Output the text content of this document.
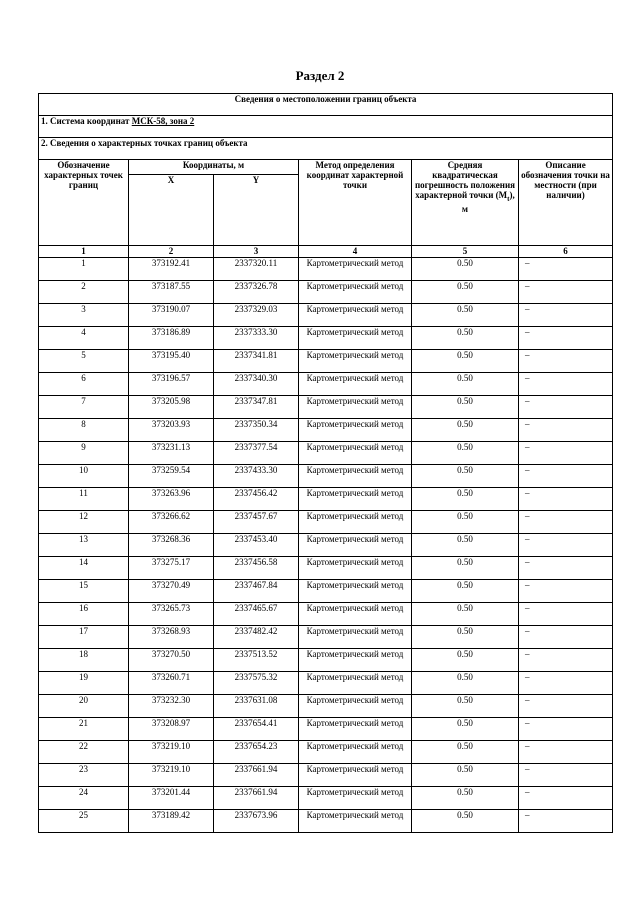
Раздел 2
Сведения о местоположении границ объекта					
1. Система координат МСК-58, зона 2					
2. Сведения о характерных точках границ объекта					
Обозначение характерных точек границ	Координаты, м		Метод определения координат характерной точки	Средняя квадратическая погрешность положения характерной точки $(M_t)$, м	Описание обозначения точки на местности (при наличии)
	X	Y			
1	2	3	4	5	6
1	373192.41	2337320.11	Картометрический метод	0.50	–
2	373187.55	2337326.78	Картометрический метод	0.50	–
3	373190.07	2337329.03	Картометрический метод	0.50	–
4	373186.89	2337333.30	Картометрический метод	0.50	–
5	373195.40	2337341.81	Картометрический метод	0.50	–
6	373196.57	2337340.30	Картометрический метод	0.50	–
7	373205.98	2337347.81	Картометрический метод	0.50	–
8	373203.93	2337350.34	Картометрический метод	0.50	–
9	373231.13	2337377.54	Картометрический метод	0.50	–
10	373259.54	2337433.30	Картометрический метод	0.50	–
11	373263.96	2337456.42	Картометрический метод	0.50	–
12	373266.62	2337457.67	Картометрический метод	0.50	–
13	373268.36	2337453.40	Картометрический метод	0.50	–
14	373275.17	2337456.58	Картометрический метод	0.50	–
15	373270.49	2337467.84	Картометрический метод	0.50	–
16	373265.73	2337465.67	Картометрический метод	0.50	–
17	373268.93	2337482.42	Картометрический метод	0.50	–
18	373270.50	2337513.52	Картометрический метод	0.50	–
19	373260.71	2337575.32	Картометрический метод	0.50	–
20	373232.30	2337631.08	Картометрический метод	0.50	–
21	373208.97	2337654.41	Картометрический метод	0.50	–
22	373219.10	2337654.23	Картометрический метод	0.50	–
23	373219.10	2337661.94	Картометрический метод	0.50	–
24	373201.44	2337661.94	Картометрический метод	0.50	–
25	373189.42	2337673.96	Картометрический метод	0.50	–
